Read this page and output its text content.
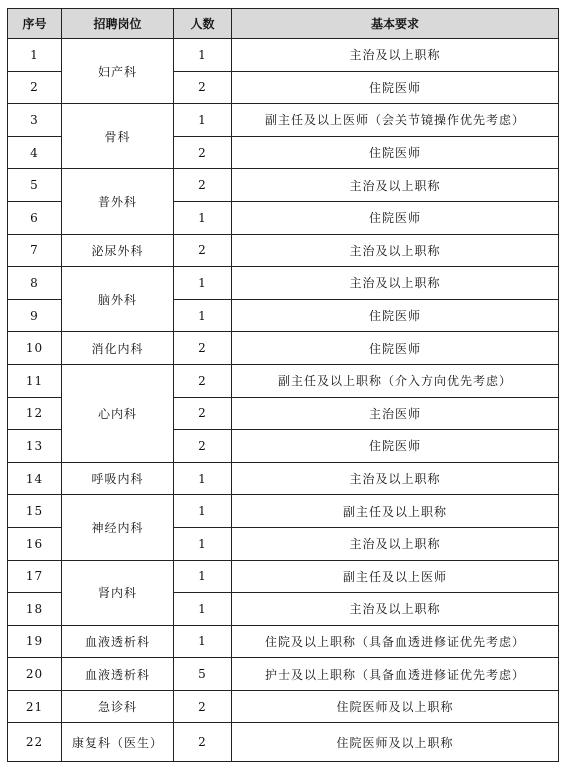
序号	招聘岗位	人数	基本要求
1	妇产科	1	主治及以上职称
2		2	住院医师
3	骨科	1	副主任及以上医师（会关节镜操作优先考虑）
4		2	住院医师
5	普外科	2	主治及以上职称
6		1	住院医师
7	泌尿外科	2	主治及以上职称
8	脑外科	1	主治及以上职称
9		1	住院医师
10	消化内科	2	住院医师
11	心内科	2	副主任及以上职称（介入方向优先考虑）
12		2	主治医师
13		2	住院医师
14	呼吸内科	1	主治及以上职称
15	神经内科	1	副主任及以上职称
16		1	主治及以上职称
17	肾内科	1	副主任及以上医师
18		1	主治及以上职称
19	血液透析科	1	住院及以上职称（具备血透进修证优先考虑）
20	血液透析科	5	护士及以上职称（具备血透进修证优先考虑）
21	急诊科	2	住院医师及以上职称
22	康复科（医生）	2	住院医师及以上职称
